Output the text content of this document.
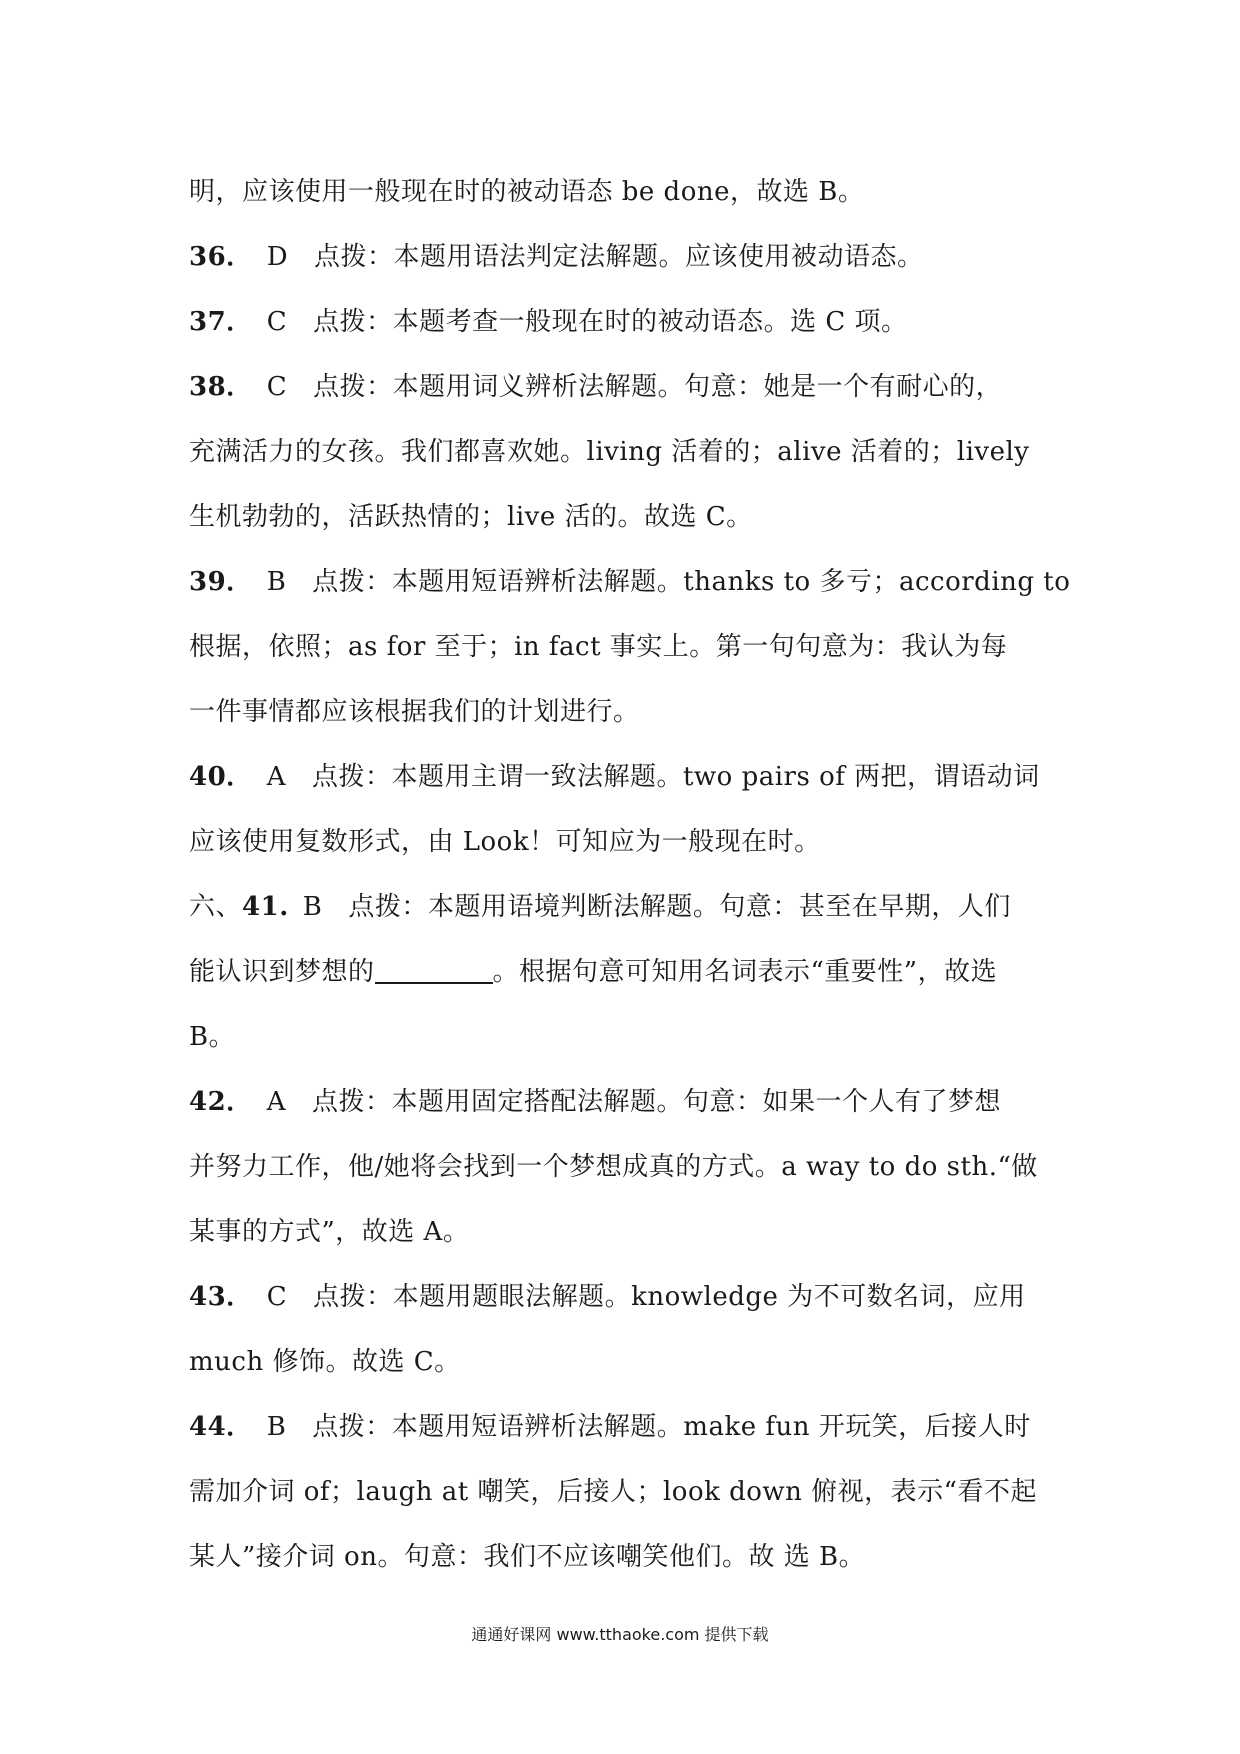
明，应该使用一般现在时的被动语态 be done，故选 B。
36． D 点拨：本题用语法判定法解题。应该使用被动语态。
37． C 点拨：本题考查一般现在时的被动语态。选 C 项。
38． C 点拨：本题用词义辨析法解题。句意：她是一个有耐心的，
充满活力的女孩。我们都喜欢她。living 活着的；alive 活着的；lively
生机勃勃的，活跃热情的；live 活的。故选 C。
39． B 点拨：本题用短语辨析法解题。thanks to 多亏；according to
根据，依照；as for 至于；in fact 事实上。第一句句意为：我认为每
一件事情都应该根据我们的计划进行。
40． A 点拨：本题用主谓一致法解题。two pairs of 两把，谓语动词
应该使用复数形式，由 Look！可知应为一般现在时。
六、41. B 点拨：本题用语境判断法解题。句意：甚至在早期，人们
能认识到梦想的	。根据句意可知用名词表示“重要性”，故选
B。
42． A 点拨：本题用固定搭配法解题。句意：如果一个人有了梦想
并努力工作，他/她将会找到一个梦想成真的方式。a way to do sth.“做
某事的方式”，故选 A。
43． C 点拨：本题用题眼法解题。knowledge 为不可数名词，应用
much 修饰。故选 C。
44． B 点拨：本题用短语辨析法解题。make fun 开玩笑，后接人时
需加介词 of；laugh at 嘲笑，后接人；look down 俯视，表示“看不起
某人”接介词 on。句意：我们不应该嘲笑他们。故 选 B。
通通好课网 www.tthaoke.com 提供下载
